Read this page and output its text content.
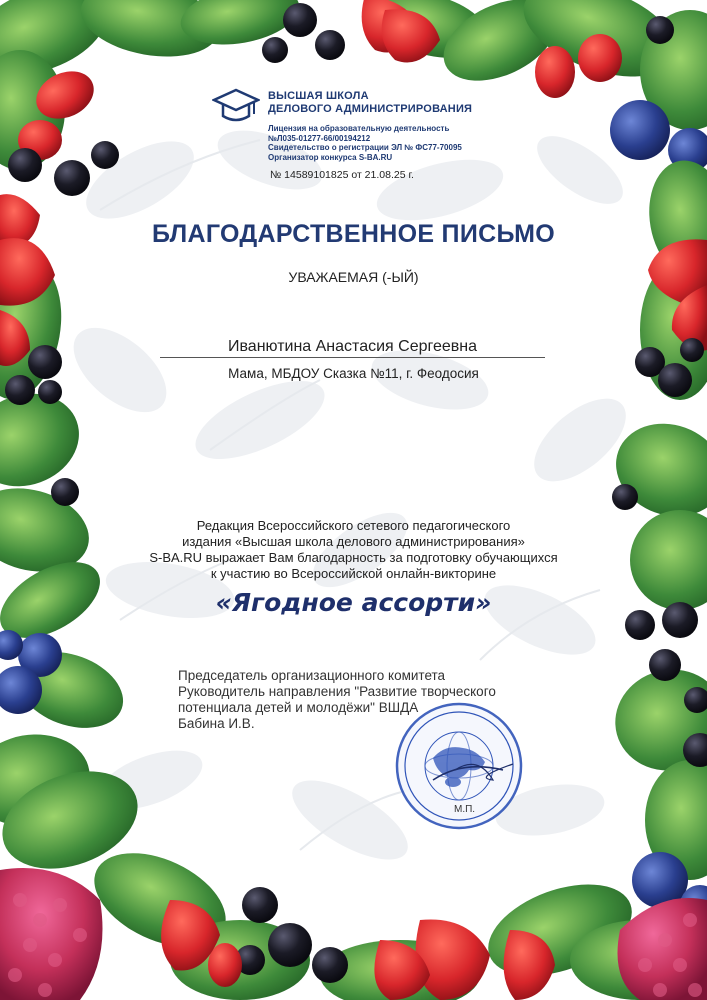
ВЫСШАЯ ШКОЛА
ДЕЛОВОГО АДМИНИСТРИРОВАНИЯ
Лицензия на образовательную деятельность
№Л035-01277-66/00194212
Свидетельство о регистрации ЭЛ № ФС77-70095
Организатор конкурса S-BA.RU
№ 14589101825 от 21.08.25 г.
БЛАГОДАРСТВЕННОЕ ПИСЬМО
УВАЖАЕМАЯ (-ЫЙ)
Иванютина Анастасия Сергеевна
Мама, МБДОУ Сказка №11, г. Феодосия
Редакция Всероссийского сетевого педагогического
издания «Высшая школа делового администрирования»
S-BA.RU выражает Вам благодарность за подготовку обучающихся
к участию во Всероссийской онлайн-викторине
«Ягодное ассорти»
Председатель организационного комитета
Руководитель направления "Развитие творческого
потенциала детей и молодёжи" ВШДА
Бабина И.В.
М.П.
